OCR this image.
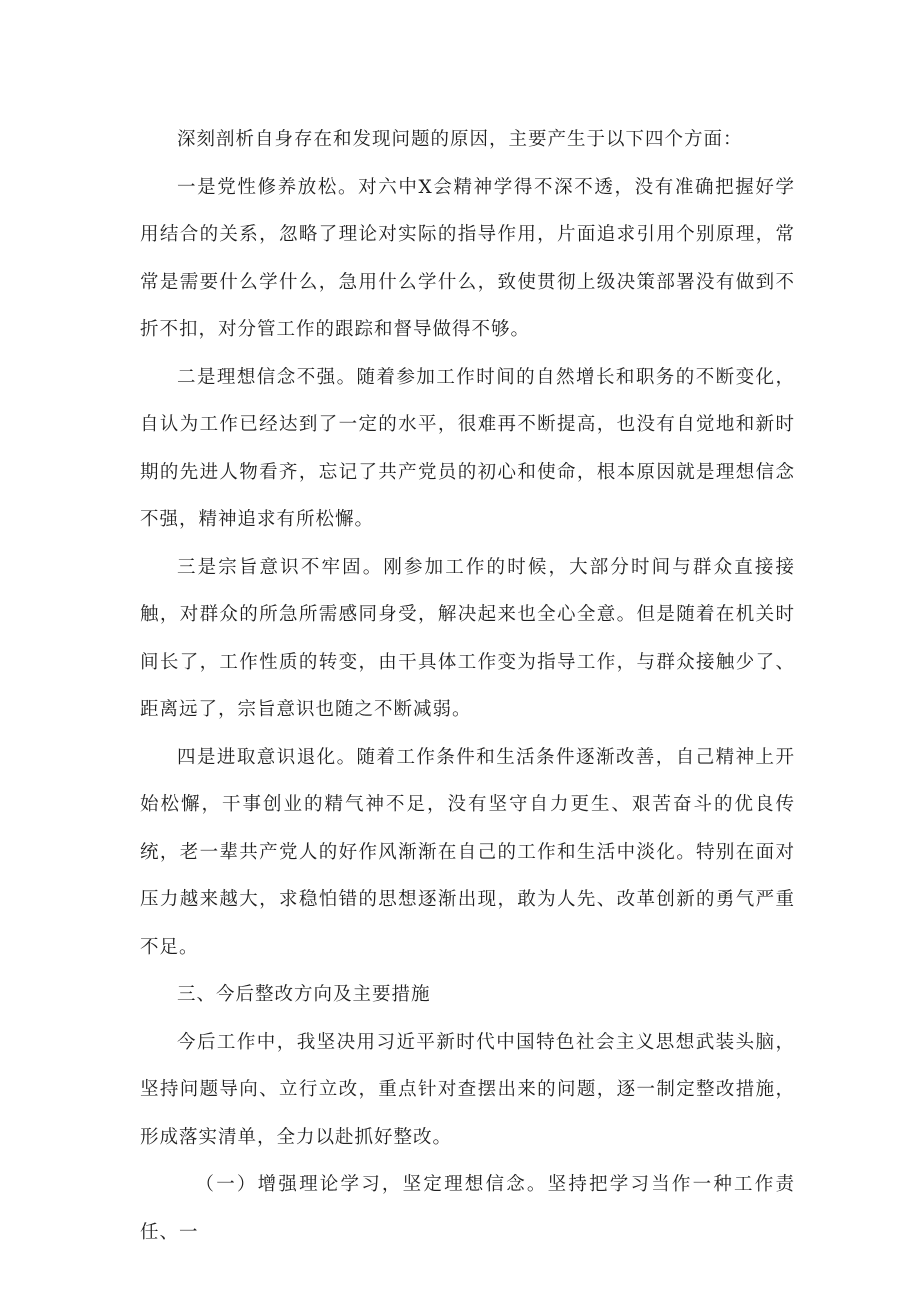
深刻剖析自身存在和发现问题的原因，主要产生于以下四个方面：

一是党性修养放松。对六中X会精神学得不深不透，没有准确把握好学用结合的关系，忽略了理论对实际的指导作用，片面追求引用个别原理，常常是需要什么学什么，急用什么学什么，致使贯彻上级决策部署没有做到不折不扣，对分管工作的跟踪和督导做得不够。

二是理想信念不强。随着参加工作时间的自然增长和职务的不断变化，自认为工作已经达到了一定的水平，很难再不断提高，也没有自觉地和新时期的先进人物看齐，忘记了共产党员的初心和使命，根本原因就是理想信念不强，精神追求有所松懈。

三是宗旨意识不牢固。刚参加工作的时候，大部分时间与群众直接接触，对群众的所急所需感同身受，解决起来也全心全意。但是随着在机关时间长了，工作性质的转变，由干具体工作变为指导工作，与群众接触少了、距离远了，宗旨意识也随之不断减弱。

四是进取意识退化。随着工作条件和生活条件逐渐改善，自己精神上开始松懈，干事创业的精气神不足，没有坚守自力更生、艰苦奋斗的优良传统，老一辈共产党人的好作风渐渐在自己的工作和生活中淡化。特别在面对压力越来越大，求稳怕错的思想逐渐出现，敢为人先、改革创新的勇气严重不足。

三、今后整改方向及主要措施

今后工作中，我坚决用习近平新时代中国特色社会主义思想武装头脑，坚持问题导向、立行立改，重点针对查摆出来的问题，逐一制定整改措施，形成落实清单，全力以赴抓好整改。

（一）增强理论学习，坚定理想信念。坚持把学习当作一种工作责任、一
